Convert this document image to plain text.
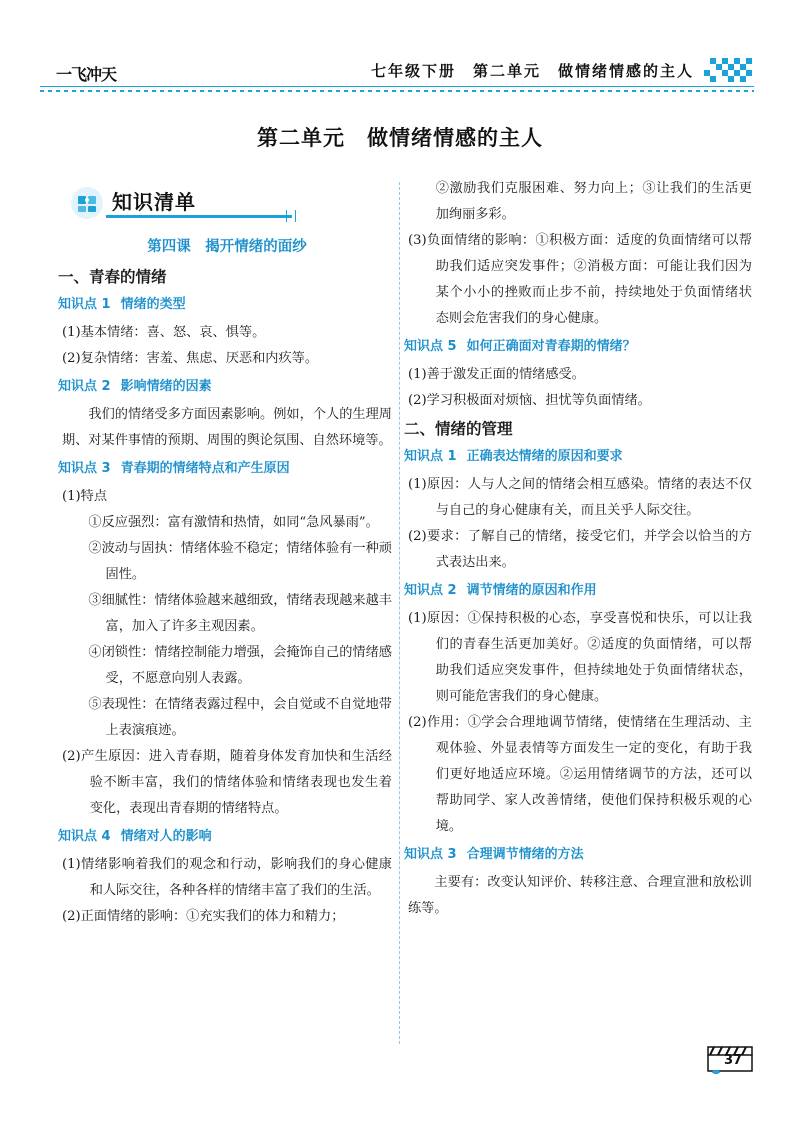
一飞冲天	七年级下册　第二单元　做情绪情感的主人
第二单元　做情绪情感的主人
知识清单
第四课　揭开情绪的面纱
一、青春的情绪
知识点 1 情绪的类型

(1)基本情绪：喜、怒、哀、惧等。

(2)复杂情绪：害羞、焦虑、厌恶和内疚等。

知识点 2 影响情绪的因素

我们的情绪受多方面因素影响。例如，个人的生理周期、对某件事情的预期、周围的舆论氛围、自然环境等。

知识点 3 青春期的情绪特点和产生原因

(1)特点

①反应强烈：富有激情和热情，如同“急风暴雨”。

②波动与固执：情绪体验不稳定；情绪体验有一种顽固性。

③细腻性：情绪体验越来越细致，情绪表现越来越丰富，加入了许多主观因素。

④闭锁性：情绪控制能力增强，会掩饰自己的情绪感受，不愿意向别人表露。

⑤表现性：在情绪表露过程中，会自觉或不自觉地带上表演痕迹。

(2)产生原因：进入青春期，随着身体发育加快和生活经验不断丰富，我们的情绪体验和情绪表现也发生着变化，表现出青春期的情绪特点。

知识点 4 情绪对人的影响

(1)情绪影响着我们的观念和行动，影响我们的身心健康和人际交往，各种各样的情绪丰富了我们的生活。

(2)正面情绪的影响：①充实我们的体力和精力；

②激励我们克服困难、努力向上；③让我们的生活更加绚丽多彩。

(3)负面情绪的影响：①积极方面：适度的负面情绪可以帮助我们适应突发事件；②消极方面：可能让我们因为某个小小的挫败而止步不前，持续地处于负面情绪状态则会危害我们的身心健康。

知识点 5 如何正确面对青春期的情绪？

(1)善于激发正面的情绪感受。

(2)学习积极面对烦恼、担忧等负面情绪。

二、情绪的管理
知识点 1 正确表达情绪的原因和要求

(1)原因：人与人之间的情绪会相互感染。情绪的表达不仅与自己的身心健康有关，而且关乎人际交往。

(2)要求：了解自己的情绪，接受它们，并学会以恰当的方式表达出来。

知识点 2 调节情绪的原因和作用

(1)原因：①保持积极的心态，享受喜悦和快乐，可以让我们的青春生活更加美好。②适度的负面情绪，可以帮助我们适应突发事件，但持续地处于负面情绪状态，则可能危害我们的身心健康。

(2)作用：①学会合理地调节情绪，使情绪在生理活动、主观体验、外显表情等方面发生一定的变化，有助于我们更好地适应环境。②运用情绪调节的方法，还可以帮助同学、家人改善情绪，使他们保持积极乐观的心境。

知识点 3 合理调节情绪的方法

主要有：改变认知评价、转移注意、合理宣泄和放松训练等。

37
